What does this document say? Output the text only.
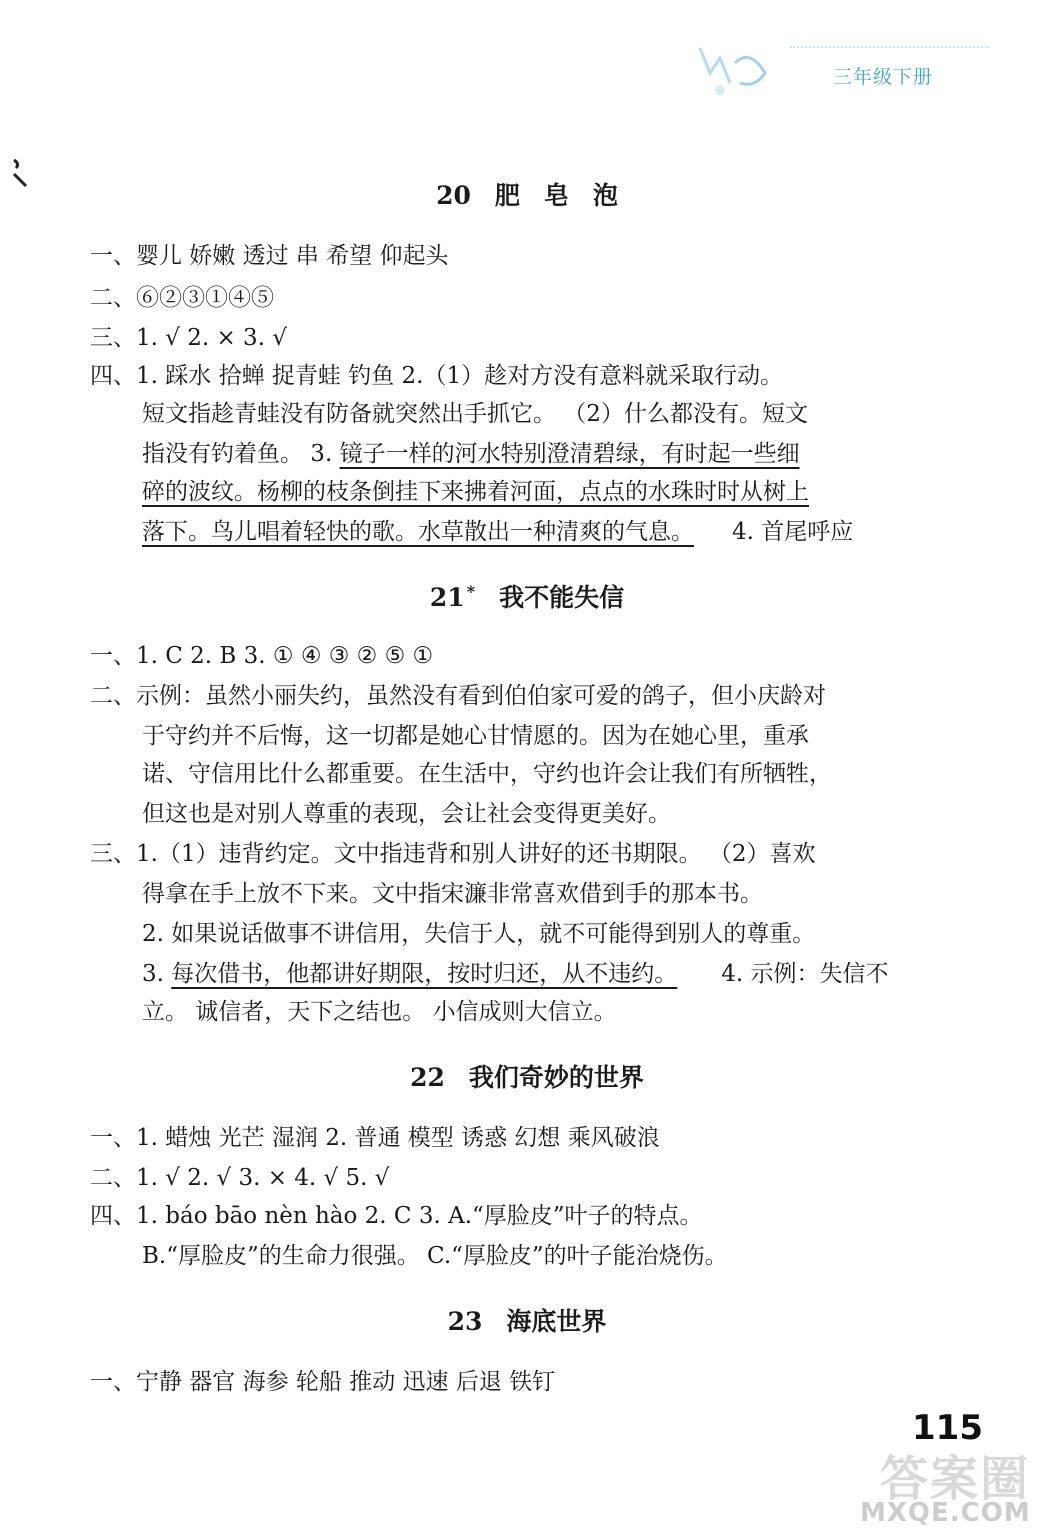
三年级下册
20 肥 皂 泡
一、婴儿 娇嫩 透过 串 希望 仰起头
二、⑥②③①④⑤
三、1. √ 2. × 3. √
四、1. 踩水 拾蝉 捉青蛙 钓鱼 2.（1）趁对方没有意料就采取行动。
短文指趁青蛙没有防备就突然出手抓它。 （2）什么都没有。短文
指没有钓着鱼。 3. 镜子一样的河水特别澄清碧绿，有时起一些细
碎的波纹。杨柳的枝条倒挂下来拂着河面，点点的水珠时时从树上
落下。鸟儿唱着轻快的歌。水草散出一种清爽的气息。 4. 首尾呼应
21 * 我不能失信
一、1. C 2. B 3. ① ④ ③ ② ⑤ ①
二、示例：虽然小丽失约，虽然没有看到伯伯家可爱的鸽子，但小庆龄对
于守约并不后悔，这一切都是她心甘情愿的。因为在她心里，重承
诺、守信用比什么都重要。在生活中，守约也许会让我们有所牺牲，
但这也是对别人尊重的表现，会让社会变得更美好。
三、1.（1）违背约定。文中指违背和别人讲好的还书期限。 （2）喜欢
得拿在手上放不下来。文中指宋濂非常喜欢借到手的那本书。
2. 如果说话做事不讲信用，失信于人，就不可能得到别人的尊重。
3. 每次借书，他都讲好期限，按时归还，从不违约。 4. 示例：失信不
立。 诚信者，天下之结也。 小信成则大信立。
22 我们奇妙的世界
一、1. 蜡烛 光芒 湿润 2. 普通 模型 诱惑 幻想 乘风破浪
二、1. √ 2. √ 3. × 4. √ 5. √
四、1. báo bāo nèn hào 2. C 3. A.“厚脸皮”叶子的特点。
B.“厚脸皮”的生命力很强。 C.“厚脸皮”的叶子能治烧伤。
23 海底世界
一、宁静 器官 海参 轮船 推动 迅速 后退 铁钉
115
答案圈
MXQE.COM
